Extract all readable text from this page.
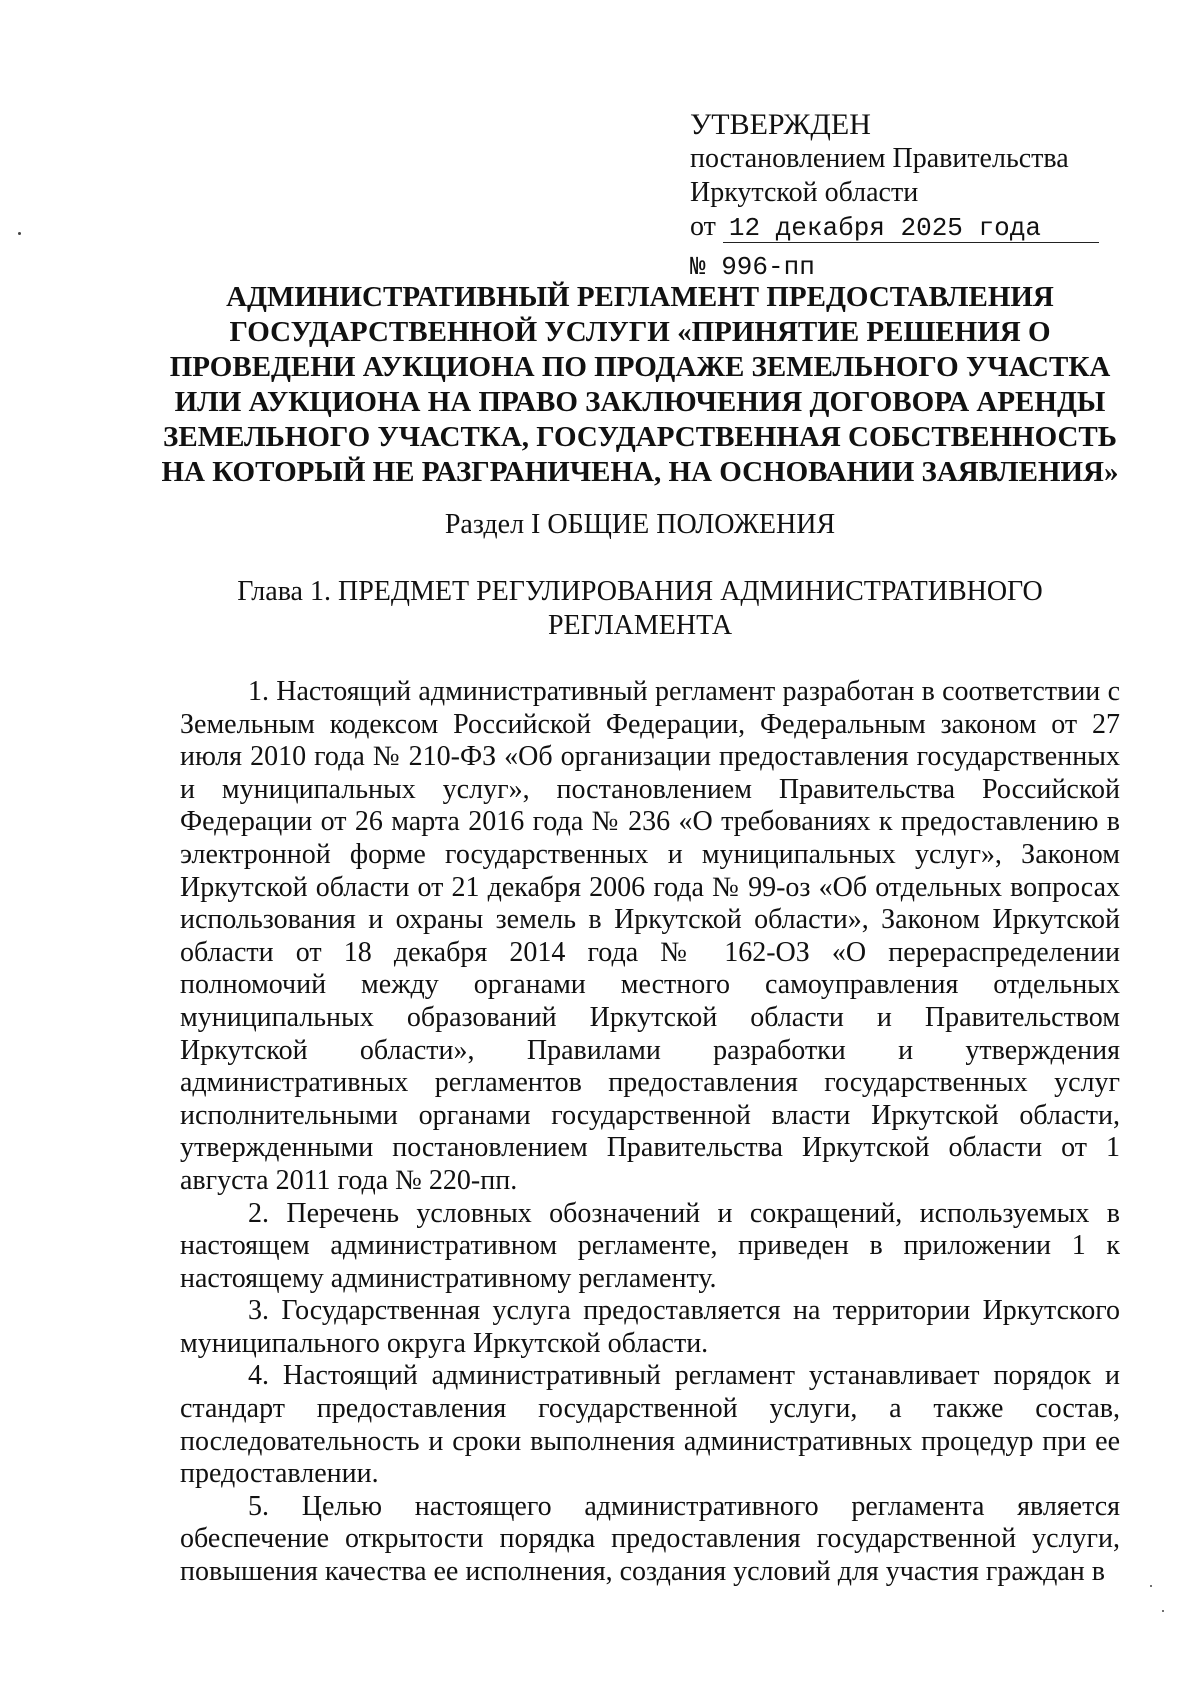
УТВЕРЖДЕН
постановлением Правительства
Иркутской области
от 12 декабря 2025 года
№ 996-пп
АДМИНИСТРАТИВНЫЙ РЕГЛАМЕНТ ПРЕДОСТАВЛЕНИЯ
ГОСУДАРСТВЕННОЙ УСЛУГИ «ПРИНЯТИЕ РЕШЕНИЯ О
ПРОВЕДЕНИ АУКЦИОНА ПО ПРОДАЖЕ ЗЕМЕЛЬНОГО УЧАСТКА
ИЛИ АУКЦИОНА НА ПРАВО ЗАКЛЮЧЕНИЯ ДОГОВОРА АРЕНДЫ
ЗЕМЕЛЬНОГО УЧАСТКА, ГОСУДАРСТВЕННАЯ СОБСТВЕННОСТЬ
НА КОТОРЫЙ НЕ РАЗГРАНИЧЕНА, НА ОСНОВАНИИ ЗАЯВЛЕНИЯ»
Раздел I ОБЩИЕ ПОЛОЖЕНИЯ
Глава 1. ПРЕДМЕТ РЕГУЛИРОВАНИЯ АДМИНИСТРАТИВНОГО
РЕГЛАМЕНТА

1. Настоящий административный регламент разработан в соответствии с Земельным кодексом Российской Федерации, Федеральным законом от 27 июля 2010 года № 210-ФЗ «Об организации предоставления государственных и муниципальных услуг», постановлением Правительства Российской Федерации от 26 марта 2016 года № 236 «О требованиях к предоставлению в электронной форме государственных и муниципальных услуг», Законом Иркутской области от 21 декабря 2006 года № 99-оз «Об отдельных вопросах использования и охраны земель в Иркутской области», Законом Иркутской области от 18 декабря 2014 года № 162-ОЗ «О перераспределении полномочий между органами местного самоуправления отдельных муниципальных образований Иркутской области и Правительством Иркутской области», Правилами разработки и утверждения административных регламентов предоставления государственных услуг исполнительными органами государственной власти Иркутской области, утвержденными постановлением Правительства Иркутской области от 1 августа 2011 года № 220-пп.

2. Перечень условных обозначений и сокращений, используемых в настоящем административном регламенте, приведен в приложении 1 к настоящему административному регламенту.

3. Государственная услуга предоставляется на территории Иркутского муниципального округа Иркутской области.

4. Настоящий административный регламент устанавливает порядок и стандарт предоставления государственной услуги, а также состав, последовательность и сроки выполнения административных процедур при ее предоставлении.

5. Целью настоящего административного регламента является обеспечение открытости порядка предоставления государственной услуги, повышения качества ее исполнения, создания условий для участия граждан в
